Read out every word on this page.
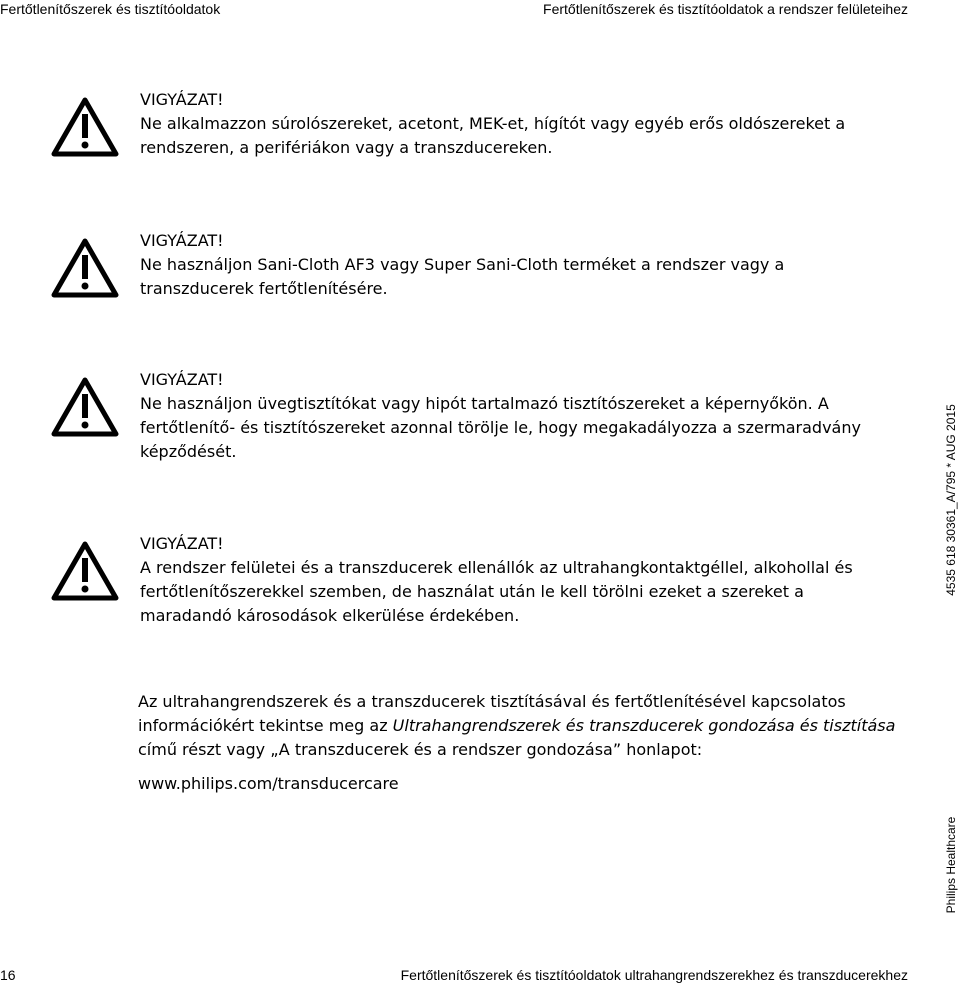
Fertőtlenítőszerek és tisztítóoldatok	Fertőtlenítőszerek és tisztítóoldatok a rendszer felületeihez
VIGYÁZAT!
Ne alkalmazzon súrolószereket, acetont, MEK-et, hígítót vagy egyéb erős oldószereket a rendszeren, a perifériákon vagy a transzducereken.
VIGYÁZAT!
Ne használjon Sani-Cloth AF3 vagy Super Sani-Cloth terméket a rendszer vagy a transzducerek fertőtlenítésére.
VIGYÁZAT!
Ne használjon üvegtisztítókat vagy hipót tartalmazó tisztítószereket a képernyőkön. A fertőtlenítő- és tisztítószereket azonnal törölje le, hogy megakadályozza a szermaradvány képződését.
VIGYÁZAT!
A rendszer felületei és a transzducerek ellenállók az ultrahangkontaktgéllel, alkohollal és fertőtlenítőszerekkel szemben, de használat után le kell törölni ezeket a szereket a maradandó károsodások elkerülése érdekében.

Az ultrahangrendszerek és a transzducerek tisztításával és fertőtlenítésével kapcsolatos információkért tekintse meg az Ultrahangrendszerek és transzducerek gondozása és tisztítása című részt vagy „A transzducerek és a rendszer gondozása” honlapot:

www.philips.com/transducercare

4535 618 30361_A/795 * AUG 2015
Philips Healthcare
16	Fertőtlenítőszerek és tisztítóoldatok ultrahangrendszerekhez és transzducerekhez
